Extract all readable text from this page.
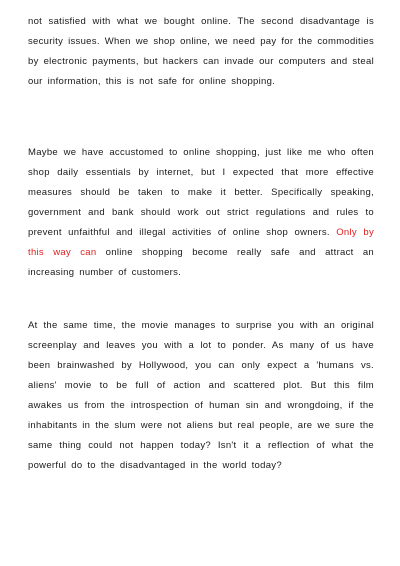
not satisfied with what we bought online. The second disadvantage is security issues. When we shop online, we need pay for the commodities by electronic payments, but hackers can invade our computers and steal our information, this is not safe for online shopping.

Maybe we have accustomed to online shopping, just like me who often shop daily essentials by internet, but I expected that more effective measures should be taken to make it better. Specifically speaking, government and bank should work out strict regulations and rules to prevent unfaithful and illegal activities of online shop owners. Only by this way can online shopping become really safe and attract an increasing number of customers.

At the same time, the movie manages to surprise you with an original screenplay and leaves you with a lot to ponder. As many of us have been brainwashed by Hollywood, you can only expect a 'humans vs. aliens' movie to be full of action and scattered plot. But this film awakes us from the introspection of human sin and wrongdoing, if the inhabitants in the slum were not aliens but real people, are we sure the same thing could not happen today? Isn't it a reflection of what the powerful do to the disadvantaged in the world today?
